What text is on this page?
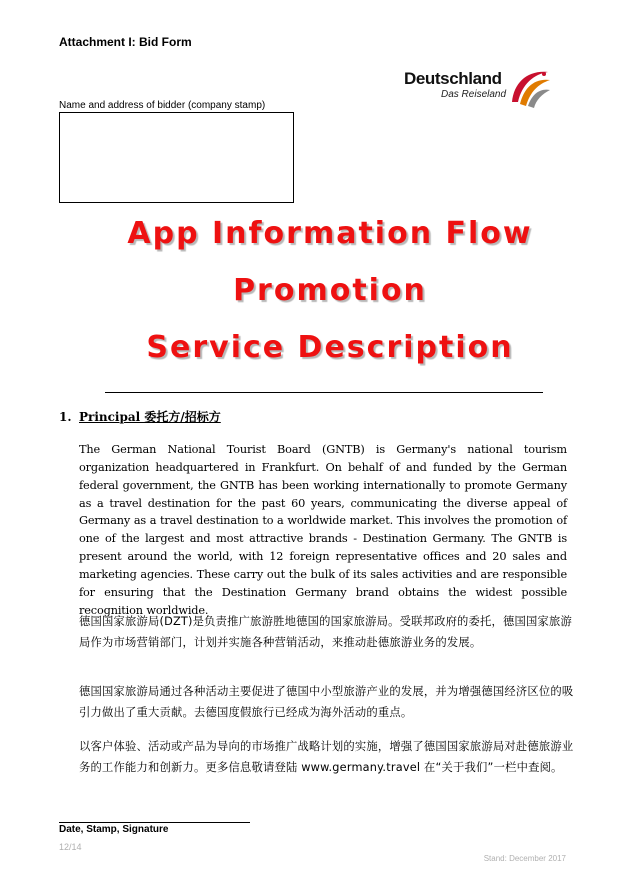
Attachment I: Bid Form
Deutschland
Das Reiseland
Name and address of bidder (company stamp)
App Information Flow
Promotion
Service Description
1. Principal 委托方/招标方
The German National Tourist Board (GNTB) is Germany's national tourism organization headquartered in Frankfurt. On behalf of and funded by the German federal government, the GNTB has been working internationally to promote Germany as a travel destination for the past 60 years, communicating the diverse appeal of Germany as a travel destination to a worldwide market. This involves the promotion of one of the largest and most attractive brands - Destination Germany. The GNTB is present around the world, with 12 foreign representative offices and 20 sales and marketing agencies. These carry out the bulk of its sales activities and are responsible for ensuring that the Destination Germany brand obtains the widest possible recognition worldwide.
德国国家旅游局(DZT)是负责推广旅游胜地德国的国家旅游局。受联邦政府的委托，德国国家旅游局作为市场营销部门，计划并实施各种营销活动，来推动赴德旅游业务的发展。
德国国家旅游局通过各种活动主要促进了德国中小型旅游产业的发展，并为增强德国经济区位的吸引力做出了重大贡献。去德国度假旅行已经成为海外活动的重点。
以客户体验、活动或产品为导向的市场推广战略计划的实施，增强了德国国家旅游局对赴德旅游业务的工作能力和创新力。更多信息敬请登陆 www.germany.travel 在“关于我们”一栏中查阅。
Date, Stamp, Signature
12/14
Stand: December 2017
